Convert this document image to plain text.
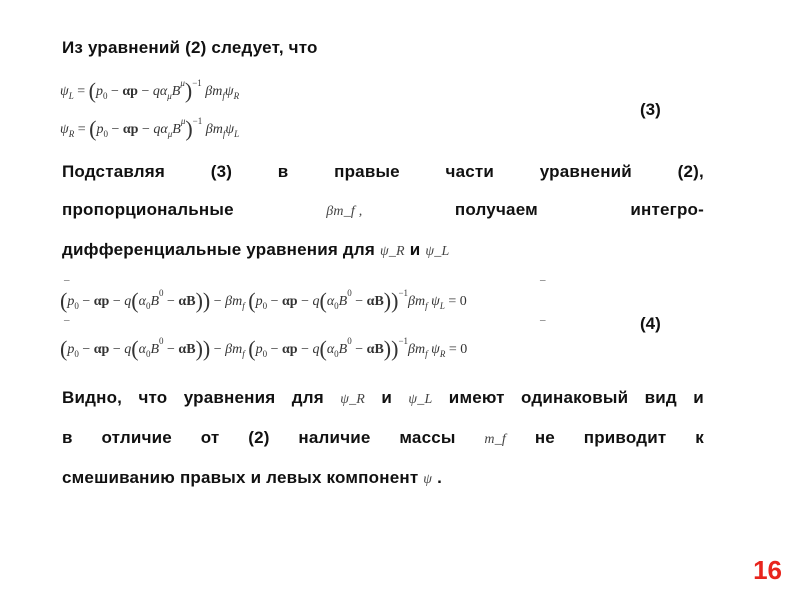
Из уравнений (2) следует, что
$\psi_L = (p_0 - \alpha p - q\alpha_\mu B^\mu)^{-1}$ $\beta m_f\psi_R$
$\psi_R = (p_0 - \alpha p - q\alpha_\mu B^\mu)^{-1}$ $\beta m_f\psi_L$
(3)
Подставляя	(3)	в	правые	части	уравнений	(2),
пропорциональные	βm_f ,	получаем	интегро-
дифференциальные уравнения для ψ_R и ψ_L
–	–
$(p_0 - \alpha p - q(\alpha_0B^0 - \alpha B)) - \beta m_f$ $(p_0 - \alpha p - q(\alpha_0B^0 - \alpha B))^{-1}\beta m_f$ $\psi_L = 0$
–	–
$(p_0 - \alpha p - q(\alpha_0B^0 - \alpha B)) - \beta m_f$ $(p_0 - \alpha p - q(\alpha_0B^0 - \alpha B))^{-1}\beta m_f$ $\psi_R = 0$
(4)
Видно, что уравнения для ψ_R и ψ_L имеют одинаковый вид и
в отличие от (2) наличие массы m_f не приводит к
смешиванию правых и левых компонент ψ .
16
